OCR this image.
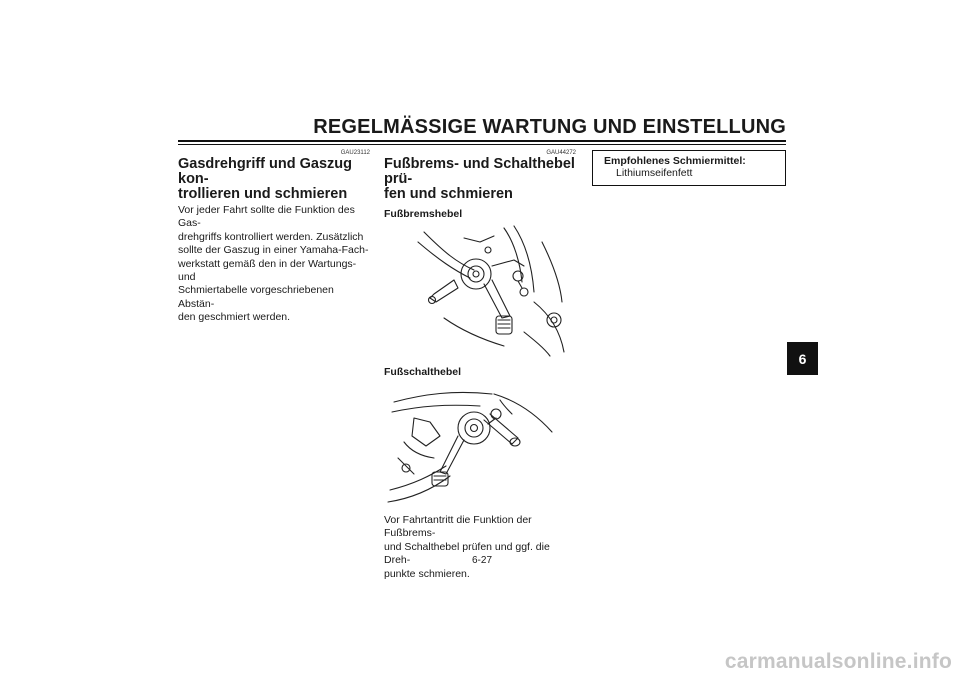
REGELMÄSSIGE WARTUNG UND EINSTELLUNG
GAU23112
Gasdrehgriff und Gaszug kon-
trollieren und schmieren

Vor jeder Fahrt sollte die Funktion des Gas-
drehgriffs kontrolliert werden. Zusätzlich
sollte der Gaszug in einer Yamaha-Fach-
werkstatt gemäß den in der Wartungs- und
Schmiertabelle vorgeschriebenen Abstän-
den geschmiert werden.

GAU44272
Fußbrems- und Schalthebel prü-
fen und schmieren
Fußbremshebel
Fußschalthebel

Vor Fahrtantritt die Funktion der Fußbrems-
und Schalthebel prüfen und ggf. die Dreh-
punkte schmieren.

Empfohlenes Schmiermittel:
Lithiumseifenfett
6
6-27
carmanualsonline.info
